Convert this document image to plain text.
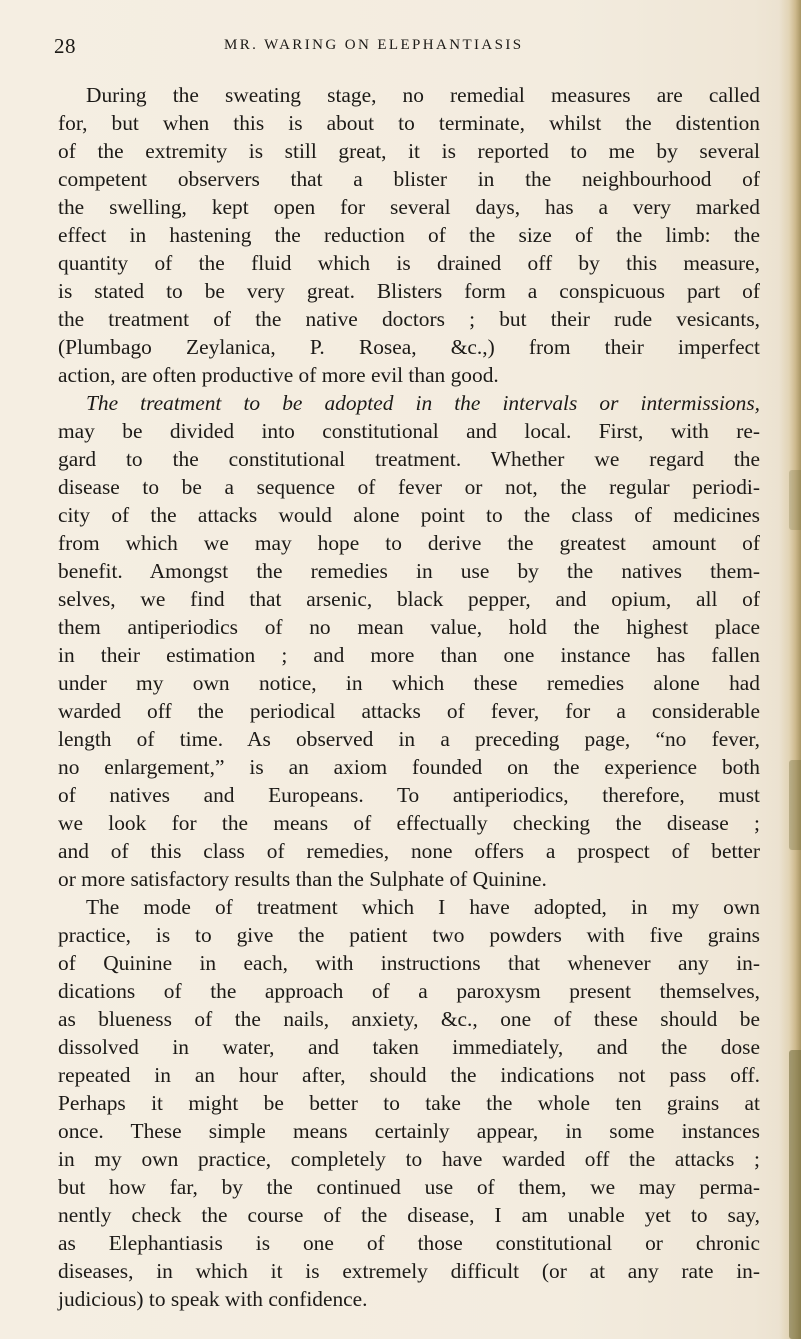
28	MR. WARING ON ELEPHANTIASIS
During the sweating stage, no remedial measures are called
for, but when this is about to terminate, whilst the distention
of the extremity is still great, it is reported to me by several
competent observers that a blister in the neighbourhood of
the swelling, kept open for several days, has a very marked
effect in hastening the reduction of the size of the limb: the
quantity of the fluid which is drained off by this measure,
is stated to be very great. Blisters form a conspicuous part of
the treatment of the native doctors ; but their rude vesicants,
(Plumbago Zeylanica, P. Rosea, &c.,) from their imperfect
action, are often productive of more evil than good.
The treatment to be adopted in the intervals or intermissions,
may be divided into constitutional and local. First, with re-
gard to the constitutional treatment. Whether we regard the
disease to be a sequence of fever or not, the regular periodi-
city of the attacks would alone point to the class of medicines
from which we may hope to derive the greatest amount of
benefit. Amongst the remedies in use by the natives them-
selves, we find that arsenic, black pepper, and opium, all of
them antiperiodics of no mean value, hold the highest place
in their estimation ; and more than one instance has fallen
under my own notice, in which these remedies alone had
warded off the periodical attacks of fever, for a considerable
length of time. As observed in a preceding page, “no fever,
no enlargement,” is an axiom founded on the experience both
of natives and Europeans. To antiperiodics, therefore, must
we look for the means of effectually checking the disease ;
and of this class of remedies, none offers a prospect of better
or more satisfactory results than the Sulphate of Quinine.
The mode of treatment which I have adopted, in my own
practice, is to give the patient two powders with five grains
of Quinine in each, with instructions that whenever any in-
dications of the approach of a paroxysm present themselves,
as blueness of the nails, anxiety, &c., one of these should be
dissolved in water, and taken immediately, and the dose
repeated in an hour after, should the indications not pass off.
Perhaps it might be better to take the whole ten grains at
once. These simple means certainly appear, in some instances
in my own practice, completely to have warded off the attacks ;
but how far, by the continued use of them, we may perma-
nently check the course of the disease, I am unable yet to say,
as Elephantiasis is one of those constitutional or chronic
diseases, in which it is extremely difficult (or at any rate in-
judicious) to speak with confidence.
